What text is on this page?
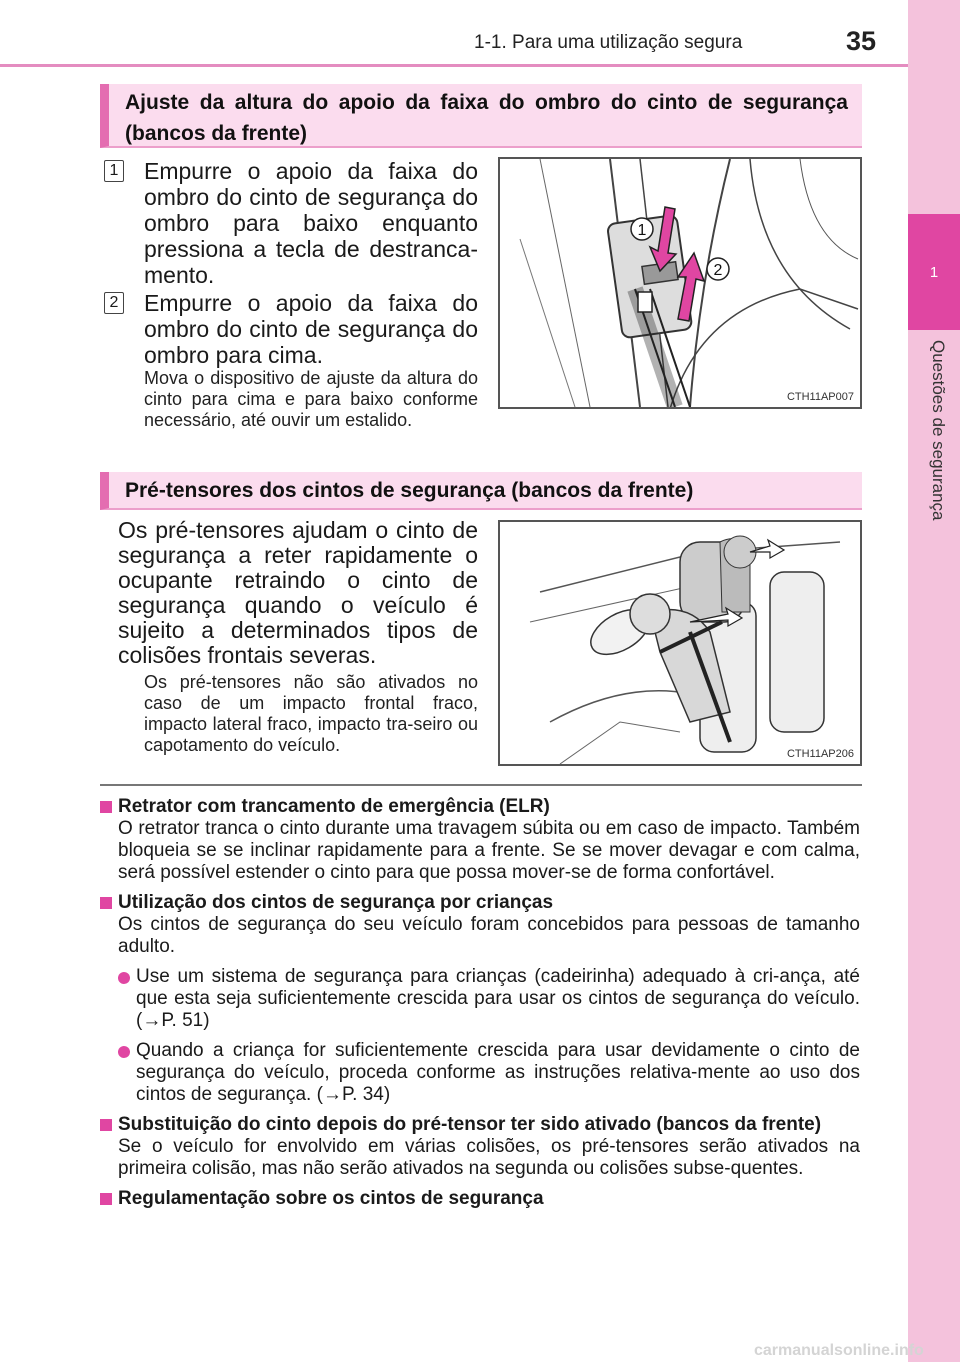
1-1. Para uma utilização segura	35
1
Questões de segurança
Ajuste da altura do apoio da faixa do ombro do cinto de segurança (bancos da frente)
1 Empurre o apoio da faixa do ombro do cinto de segurança do ombro para baixo enquanto pressiona a tecla de destranca-mento.
2 Empurre o apoio da faixa do ombro do cinto de segurança do ombro para cima.
Mova o dispositivo de ajuste da altura do cinto para cima e para baixo conforme necessário, até ouvir um estalido.
1
2
CTH11AP007
Pré-tensores dos cintos de segurança (bancos da frente)
Os pré-tensores ajudam o cinto de segurança a reter rapidamente o ocupante retraindo o cinto de segurança quando o veículo é sujeito a determinados tipos de colisões frontais severas.
Os pré-tensores não são ativados no caso de um impacto frontal fraco, impacto lateral fraco, impacto tra-seiro ou capotamento do veículo.	CTH11AP206
Retrator com trancamento de emergência (ELR)
O retrator tranca o cinto durante uma travagem súbita ou em caso de impacto. Também bloqueia se se inclinar rapidamente para a frente. Se se mover devagar e com calma, será possível estender o cinto para que possa mover-se de forma confortável.
Utilização dos cintos de segurança por crianças
Os cintos de segurança do seu veículo foram concebidos para pessoas de tamanho adulto.
Use um sistema de segurança para crianças (cadeirinha) adequado à cri-ança, até que esta seja suficientemente crescida para usar os cintos de segurança do veículo. (→P. 51)
Quando a criança for suficientemente crescida para usar devidamente o cinto de segurança do veículo, proceda conforme as instruções relativa-mente ao uso dos cintos de segurança. (→P. 34)
Substituição do cinto depois do pré-tensor ter sido ativado (bancos da frente)
Se o veículo for envolvido em várias colisões, os pré-tensores serão ativados na primeira colisão, mas não serão ativados na segunda ou colisões subse-quentes.
Regulamentação sobre os cintos de segurança
carmanualsonline.info
